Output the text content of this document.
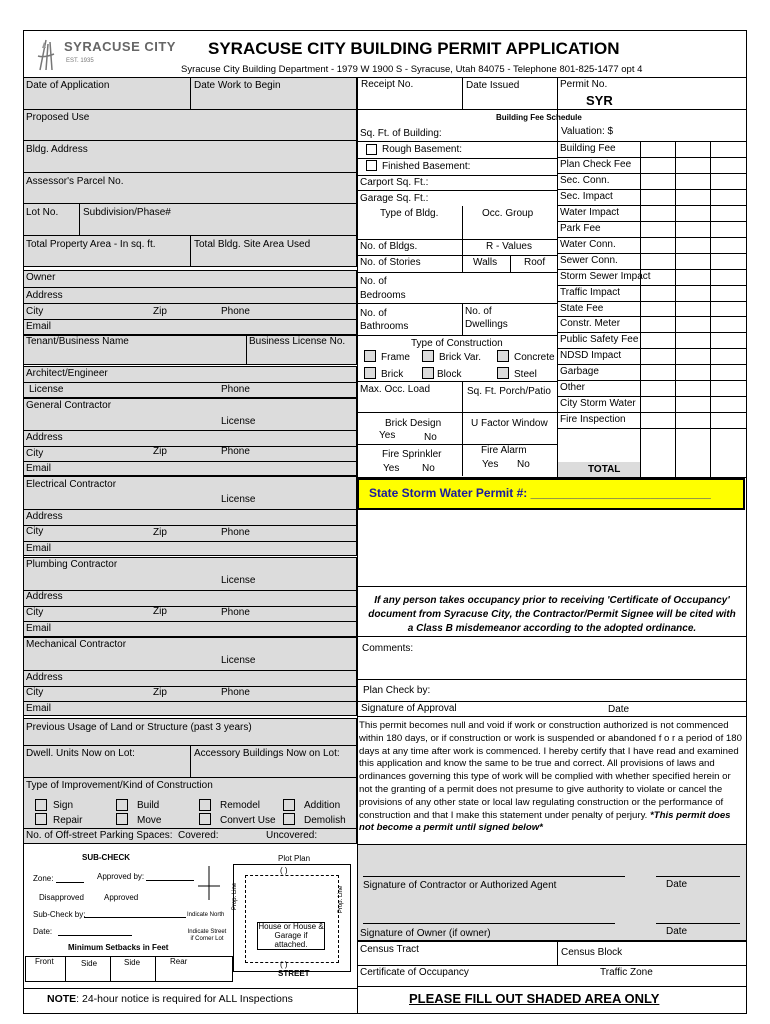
SYRACUSE CITY
EST. 1935
SYRACUSE CITY BUILDING PERMIT APPLICATION
Syracuse City Building Department - 1979 W 1900 S - Syracuse, Utah 84075 - Telephone 801-825-1477 opt 4
Date of Application	Date Work to Begin
Proposed Use
Bldg. Address
Assessor's Parcel No.
Lot No. Subdivision/Phase#
Total Property Area - In sq. ft.	Total Bldg. Site Area Used
Owner
Address
City	Zip	Phone
Email
Tenant/Business Name	Business License No.
Architect/Engineer
License	Phone
General Contractor
License
Address
City	Zip	Phone
Email
Electrical Contractor
License
Address
City	Zip	Phone
Email
Plumbing Contractor
License
Address
City	Zip	Phone
Email
Mechanical Contractor
License
Address
City	Zip	Phone
Email
Previous Usage of Land or Structure (past 3 years)
Dwell. Units Now on Lot:	Accessory Buildings Now on Lot:
Type of Improvement/Kind of Construction
Sign	Build	Remodel	Addition
Repair	Move	Convert Use	Demolish
No. of Off-street Parking Spaces: Covered:	Uncovered:
SUB-CHECK
Zone:	Approved by:
Disapproved	Approved
Sub-Check by:	Indicate North
Date:	Indicate Street if Corner Lot
Minimum Setbacks in Feet
Front	Side	Side	Rear
Plot Plan
( )
( )
Prop. Line	Prop. Line
House or House & Garage if attached.
STREET
NOTE: 24-hour notice is required for ALL Inspections
Receipt No.	Date Issued	Permit No.
SYR
Building Fee Schedule
Valuation: $
Sq. Ft. of Building:
Rough Basement:
Finished Basement:
Carport Sq. Ft.:
Garage Sq. Ft.:
Type of Bldg.	Occ. Group
No. of Bldgs.	R - Values
No. of Stories	Walls	Roof
No. of
Bedrooms
No. of
Bathrooms
No. of
Dwellings
Type of Construction
Frame	Brick Var.	Concrete
Brick	Block	Steel
Max. Occ. Load	Sq. Ft. Porch/Patio
Brick Design
Yes	No
U Factor Window
Fire Sprinkler
Yes No
Fire Alarm
Yes No
Building Fee
Plan Check Fee
Sec. Conn.
Sec. Impact
Water Impact
Park Fee
Water Conn.
Sewer Conn.
Storm Sewer Impact
Traffic Impact
State Fee
Constr. Meter
Public Safety Fee
NDSD Impact
Garbage
Other
City Storm Water
Fire Inspection
TOTAL
State Storm Water Permit #: ___________________________
If any person takes occupancy prior to receiving 'Certificate of Occupancy' document from Syracuse City, the Contractor/Permit Signee will be cited with a Class B misdemeanor according to the adopted ordinance.
Comments:
Plan Check by:
Signature of Approval	Date
This permit becomes null and void if work or construction authorized is not commenced within 180 days, or if construction or work is suspended or abandoned f o r a period of 180 days at any time after work is commenced. I hereby certify that I have read and examined this application and know the same to be true and correct. All provisions of laws and ordinances governing this type of work will be complied with whether specified herein or not the granting of a permit does not presume to give authority to violate or cancel the provisions of any other state or local law regulating construction or the performance of construction and that I make this statement under penalty of perjury. *This permit does not become a permit until signed below*
Signature of Contractor or Authorized Agent	Date
Signature of Owner (if owner)	Date
Census Tract	Census Block
Certificate of Occupancy	Traffic Zone
PLEASE FILL OUT SHADED AREA ONLY
